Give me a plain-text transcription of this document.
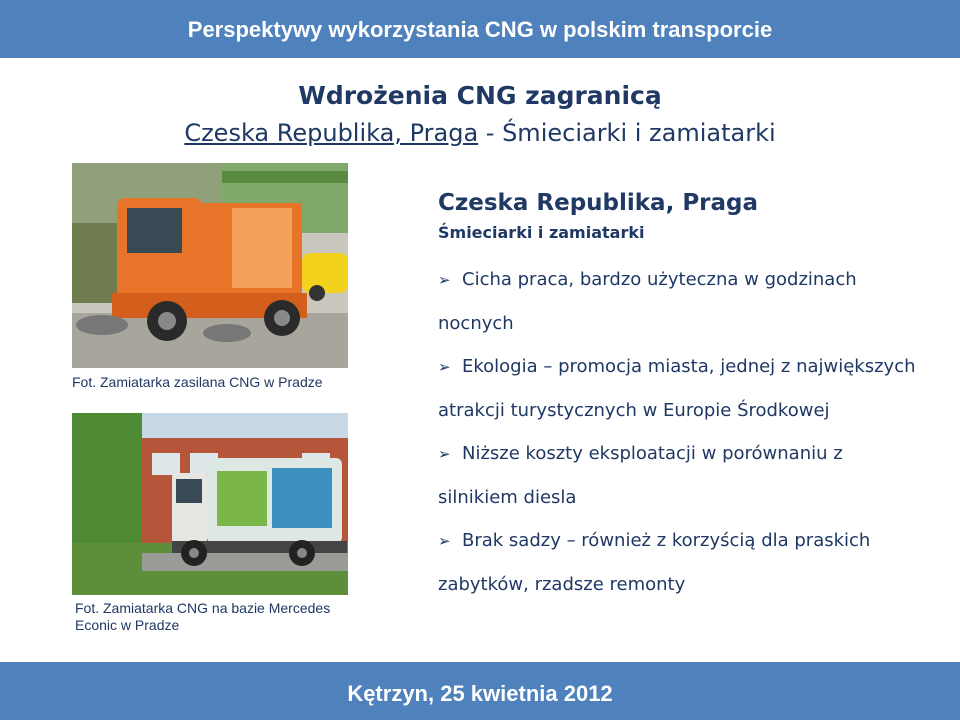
Perspektywy wykorzystania CNG w polskim transporcie
Wdrożenia CNG zagranicą
Czeska Republika, Praga - Śmieciarki i zamiatarki
Fot. Zamiatarka zasilana CNG w Pradze
Fot. Zamiatarka CNG na bazie Mercedes Econic w Pradze
Czeska Republika, Praga
Śmieciarki i zamiatarki
➢ Cicha praca, bardzo użyteczna w godzinach nocnych
➢ Ekologia – promocja miasta, jednej z największych atrakcji turystycznych w Europie Środkowej
➢ Niższe koszty eksploatacji w porównaniu z silnikiem diesla
➢ Brak sadzy – również z korzyścią dla praskich zabytków, rzadsze remonty
Kętrzyn, 25 kwietnia 2012
